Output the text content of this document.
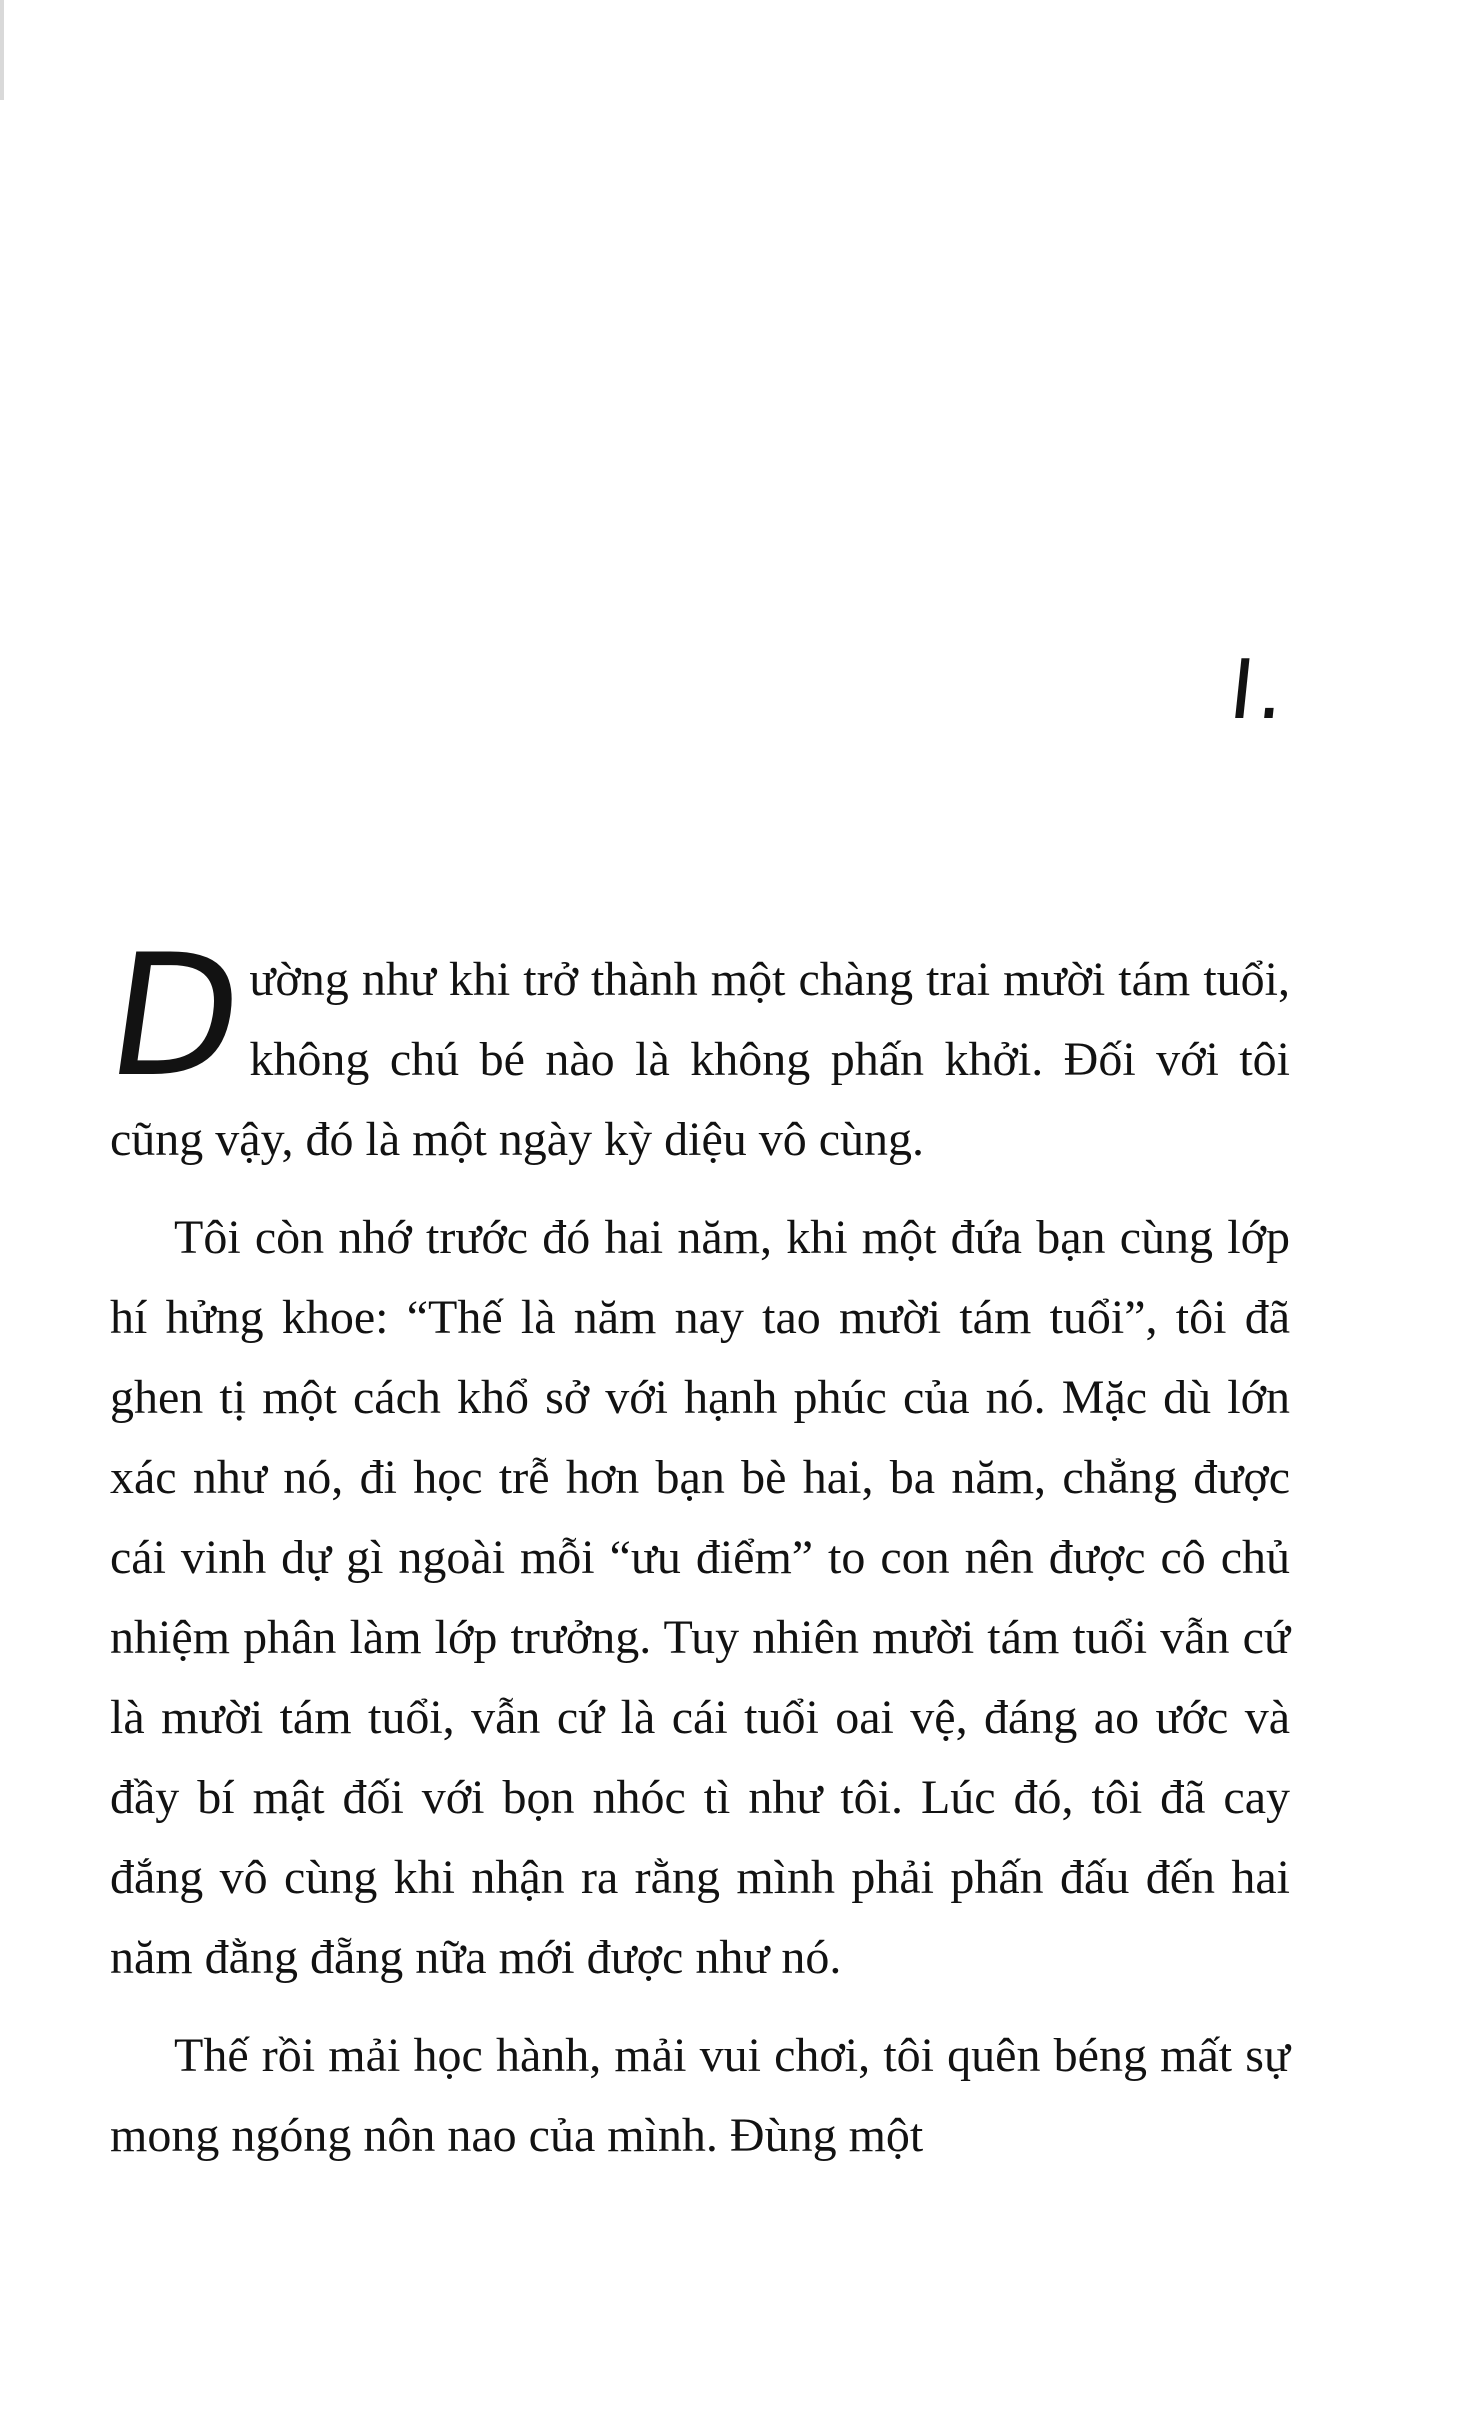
I.

D
ường như khi trở thành một chàng trai mười tám tuổi, không chú bé nào là không phấn khởi. Đối với tôi cũng vậy, đó là một ngày kỳ diệu vô cùng.

Tôi còn nhớ trước đó hai năm, khi một đứa bạn cùng lớp hí hửng khoe: “Thế là năm nay tao mười tám tuổi”, tôi đã ghen tị một cách khổ sở với hạnh phúc của nó. Mặc dù lớn xác như nó, đi học trễ hơn bạn bè hai, ba năm, chẳng được cái vinh dự gì ngoài mỗi “ưu điểm” to con nên được cô chủ nhiệm phân làm lớp trưởng. Tuy nhiên mười tám tuổi vẫn cứ là mười tám tuổi, vẫn cứ là cái tuổi oai vệ, đáng ao ước và đầy bí mật đối với bọn nhóc tì như tôi. Lúc đó, tôi đã cay đắng vô cùng khi nhận ra rằng mình phải phấn đấu đến hai năm đằng đẵng nữa mới được như nó.

Thế rồi mải học hành, mải vui chơi, tôi quên béng mất sự mong ngóng nôn nao của mình. Đùng một
